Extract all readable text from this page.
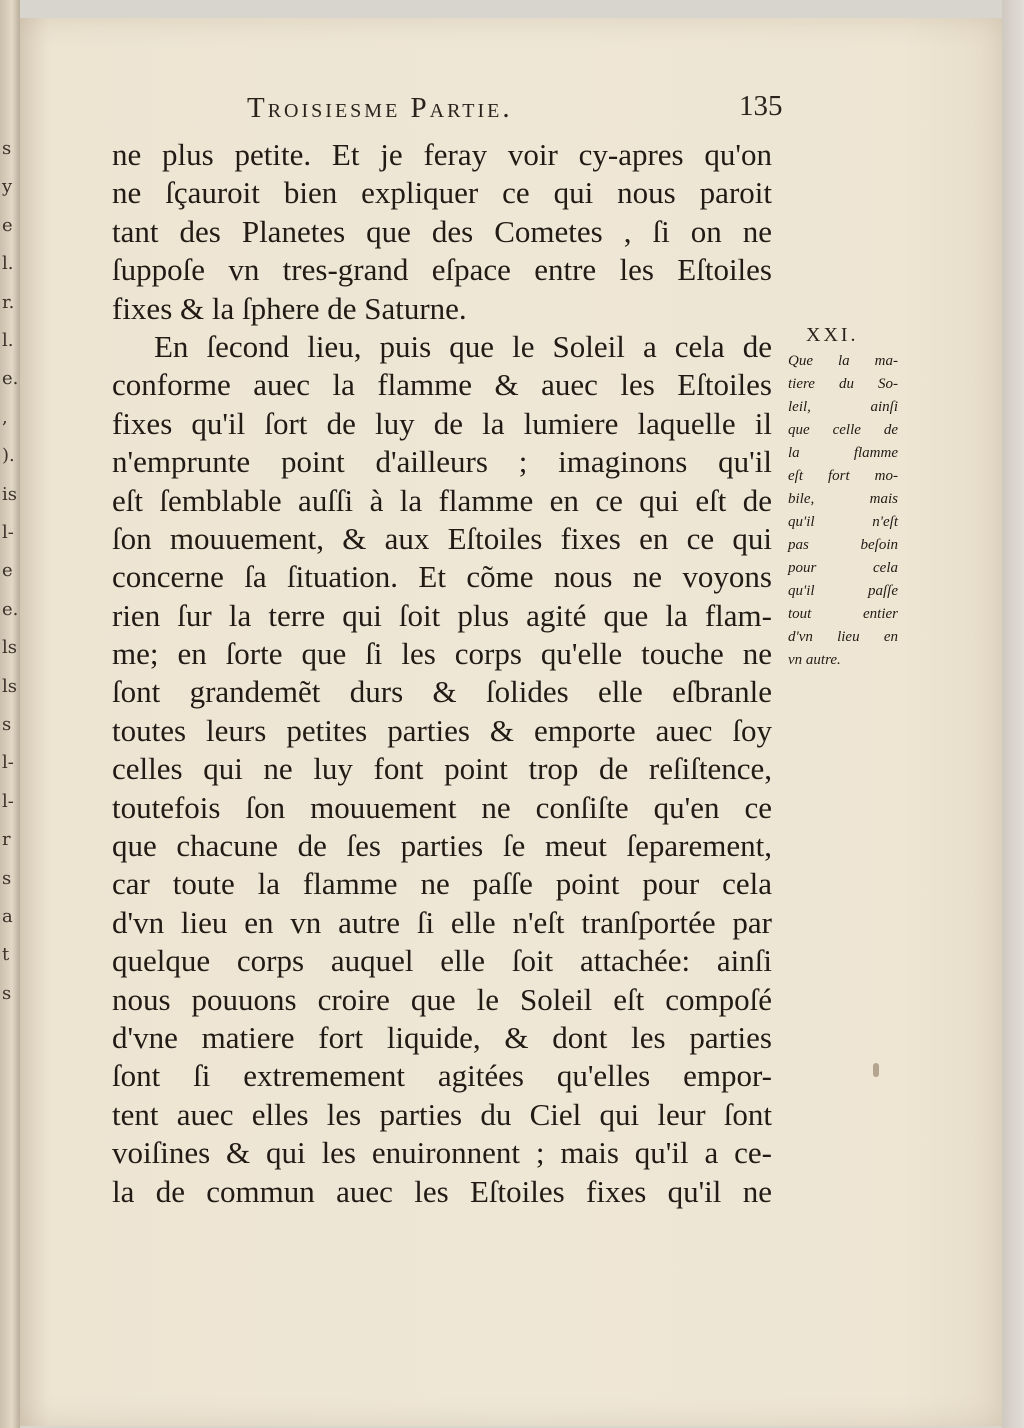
s
y
e
l.
r.
l.
e.
,
).
is
l-
e
e.
ls
ls
s
l-
l-
r
s
a
t
s
Troisiesme Partie.	135
ne plus petite. Et je feray voir cy-apres qu'on
ne ſçauroit bien expliquer ce qui nous paroit
tant des Planetes que des Cometes , ſi on ne
ſuppoſe vn tres-grand eſpace entre les Eſtoiles
fixes & la ſphere de Saturne.
En ſecond lieu, puis que le Soleil a cela de
conforme auec la flamme & auec les Eſtoiles
fixes qu'il ſort de luy de la lumiere laquelle il
n'emprunte point d'ailleurs ; imaginons qu'il
eſt ſemblable auſſi à la flamme en ce qui eſt de
ſon mouuement, & aux Eſtoiles fixes en ce qui
concerne ſa ſituation. Et cõme nous ne voyons
rien ſur la terre qui ſoit plus agité que la flam-
me; en ſorte que ſi les corps qu'elle touche ne
ſont grandemẽt durs & ſolides elle eſbranle
toutes leurs petites parties & emporte auec ſoy
celles qui ne luy font point trop de reſiſtence,
toutefois ſon mouuement ne conſiſte qu'en ce
que chacune de ſes parties ſe meut ſeparement,
car toute la flamme ne paſſe point pour cela
d'vn lieu en vn autre ſi elle n'eſt tranſportée par
quelque corps auquel elle ſoit attachée: ainſi
nous pouuons croire que le Soleil eſt compoſé
d'vne matiere fort liquide, & dont les parties
ſont ſi extremement agitées qu'elles empor-
tent auec elles les parties du Ciel qui leur ſont
voiſines & qui les enuironnent ; mais qu'il a ce-
la de commun auec les Eſtoiles fixes qu'il ne
XXI.
Que la ma-
tiere du So-
leil, ainſi
que celle de
la flamme
eſt fort mo-
bile, mais
qu'il n'eſt
pas beſoin
pour cela
qu'il paſſe
tout entier
d'vn lieu en
vn autre.
